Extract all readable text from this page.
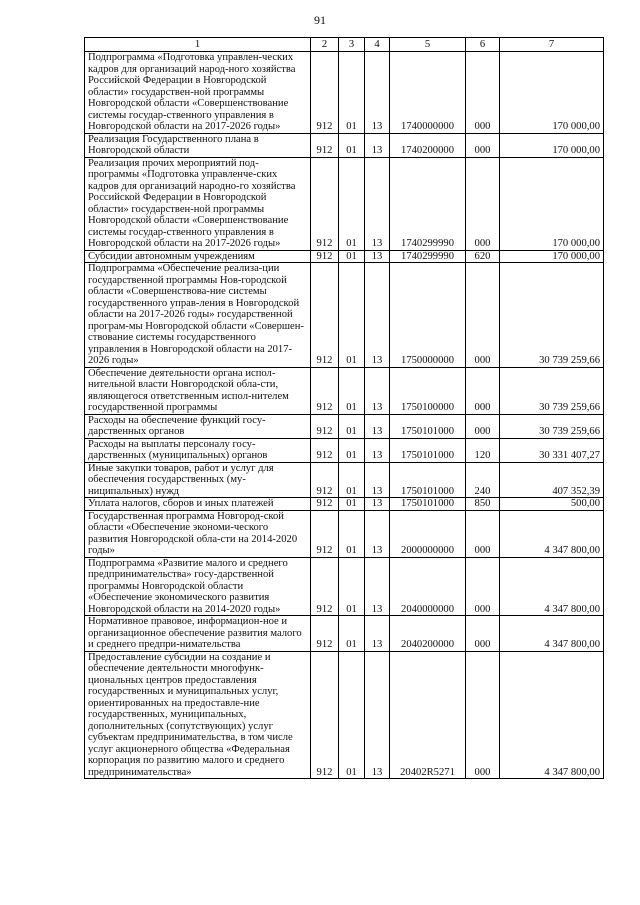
91
1	2	3	4	5	6	7
Подпрограмма «Подготовка управлен-ческих кадров для организаций народ-ного хозяйства Российской Федерации в Новгородской области» государствен-ной программы Новгородской области «Совершенствование системы государ-ственного управления в Новгородской области на 2017-2026 годы»	912	01	13	1740000000	000	170 000,00
Реализация Государственного плана в Новгородской области	912	01	13	1740200000	000	170 000,00
Реализация прочих мероприятий под-программы «Подготовка управленче-ских кадров для организаций народно-го хозяйства Российской Федерации в Новгородской области» государствен-ной программы Новгородской области «Совершенствование системы государ-ственного управления в Новгородской области на 2017-2026 годы»	912	01	13	1740299990	000	170 000,00
Субсидии автономным учреждениям	912	01	13	1740299990	620	170 000,00
Подпрограмма «Обеспечение реализа-ции государственной программы Нов-городской области «Совершенствова-ние системы государственного управ-ления в Новгородской области на 2017-2026 годы» государственной програм-мы Новгородской области «Совершен-ствование системы государственного управления в Новгородской области на 2017-2026 годы»	912	01	13	1750000000	000	30 739 259,66
Обеспечение деятельности органа испол-нительной власти Новгородской обла-сти, являющегося ответственным испол-нителем государственной программы	912	01	13	1750100000	000	30 739 259,66
Расходы на обеспечение функций госу-дарственных органов	912	01	13	1750101000	000	30 739 259,66
Расходы на выплаты персоналу госу-дарственных (муниципальных) органов	912	01	13	1750101000	120	30 331 407,27
Иные закупки товаров, работ и услуг для обеспечения государственных (му-ниципальных) нужд	912	01	13	1750101000	240	407 352,39
Уплата налогов, сборов и иных платежей	912	01	13	1750101000	850	500,00
Государственная программа Новгород-ской области «Обеспечение экономи-ческого развития Новгородской обла-сти на 2014-2020 годы»	912	01	13	2000000000	000	4 347 800,00
Подпрограмма «Развитие малого и среднего предпринимательства» госу-дарственной программы Новгородской области «Обеспечение экономического развития Новгородской области на 2014-2020 годы»	912	01	13	2040000000	000	4 347 800,00
Нормативное правовое, информацион-ное и организационное обеспечение развития малого и среднего предпри-нимательства	912	01	13	2040200000	000	4 347 800,00
Предоставление субсидии на создание и обеспечение деятельности многофунк-циональных центров предоставления государственных и муниципальных услуг, ориентированных на предоставле-ние государственных, муниципальных, дополнительных (сопутствующих) услуг субъектам предпринимательства, в том числе услуг акционерного общества «Федеральная корпорация по развитию малого и среднего предпринимательства»	912	01	13	20402R5271	000	4 347 800,00
